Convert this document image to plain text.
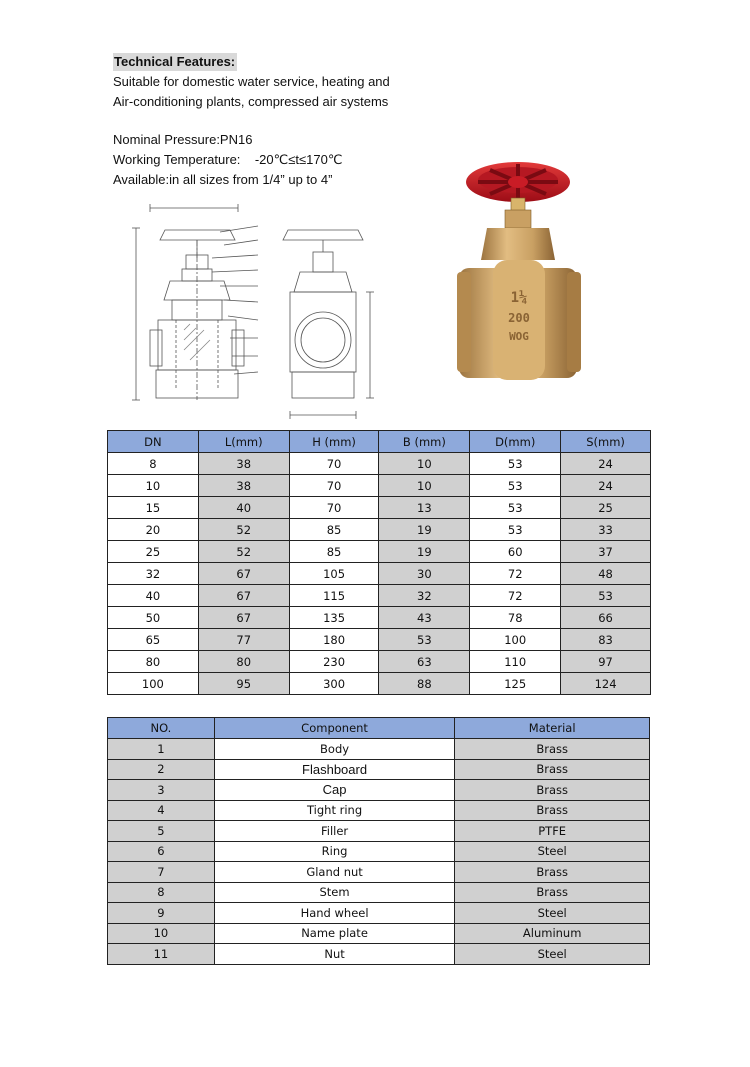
Technical Features:
Suitable for domestic water service, heating and
Air-conditioning plants, compressed air systems
Nominal Pressure:PN16
Working Temperature:    -20℃≤t≤170℃
Available:in all sizes from 1/4” up to 4”
1¼
200
WOG
DN	L(mm)	H (mm)	B (mm)	D(mm)	S(mm)
8	38	70	10	53	24
10	38	70	10	53	24
15	40	70	13	53	25
20	52	85	19	53	33
25	52	85	19	60	37
32	67	105	30	72	48
40	67	115	32	72	53
50	67	135	43	78	66
65	77	180	53	100	83
80	80	230	63	110	97
100	95	300	88	125	124
NO.	Component	Material
1	Body	Brass
2	Flashboard	Brass
3	Cap	Brass
4	Tight ring	Brass
5	Filler	PTFE
6	Ring	Steel
7	Gland nut	Brass
8	Stem	Brass
9	Hand wheel	Steel
10	Name plate	Aluminum
11	Nut	Steel
